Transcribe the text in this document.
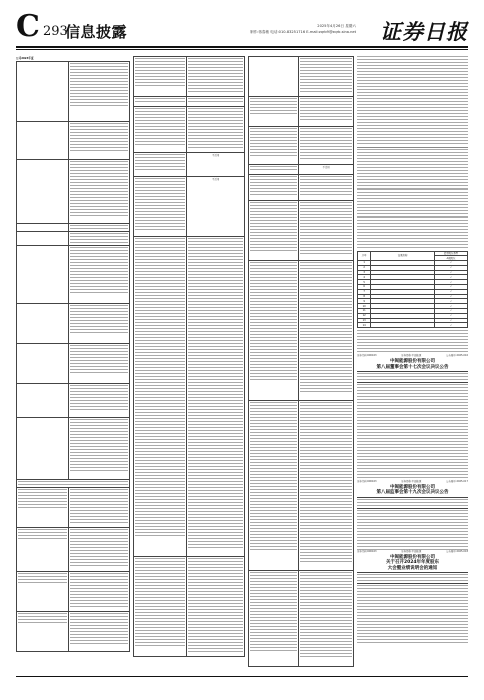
C 293
信息披露	2025年4月26日 星期六
制作:蒋春敏 电话:010-83251716 E-mail:zqrb9@zqrb.sina.net 证券日报
公司2024年度

	不适用

	不适用

	不适用

序号	议案名称	投票股东类型
		A股股东
1		√
2		√
3		√
4		√
5		√
6		√
7		√
8		√
9		√
10		√
11		√
12		√
13		√
14		√
证券代码:600163	证券简称:中闽能源	公告编号:2025-016
中闽能源股份有限公司
第八届董事会第十七次会议决议公告
证券代码:600163	证券简称:中闽能源	公告编号:2025-017
中闽能源股份有限公司
第八届监事会第十九次会议决议公告
证券代码:600163	证券简称:中闽能源	公告编号:2025-018
中闽能源股份有限公司
关于召开2024年年度股东
大会暨业绩说明会的通知
